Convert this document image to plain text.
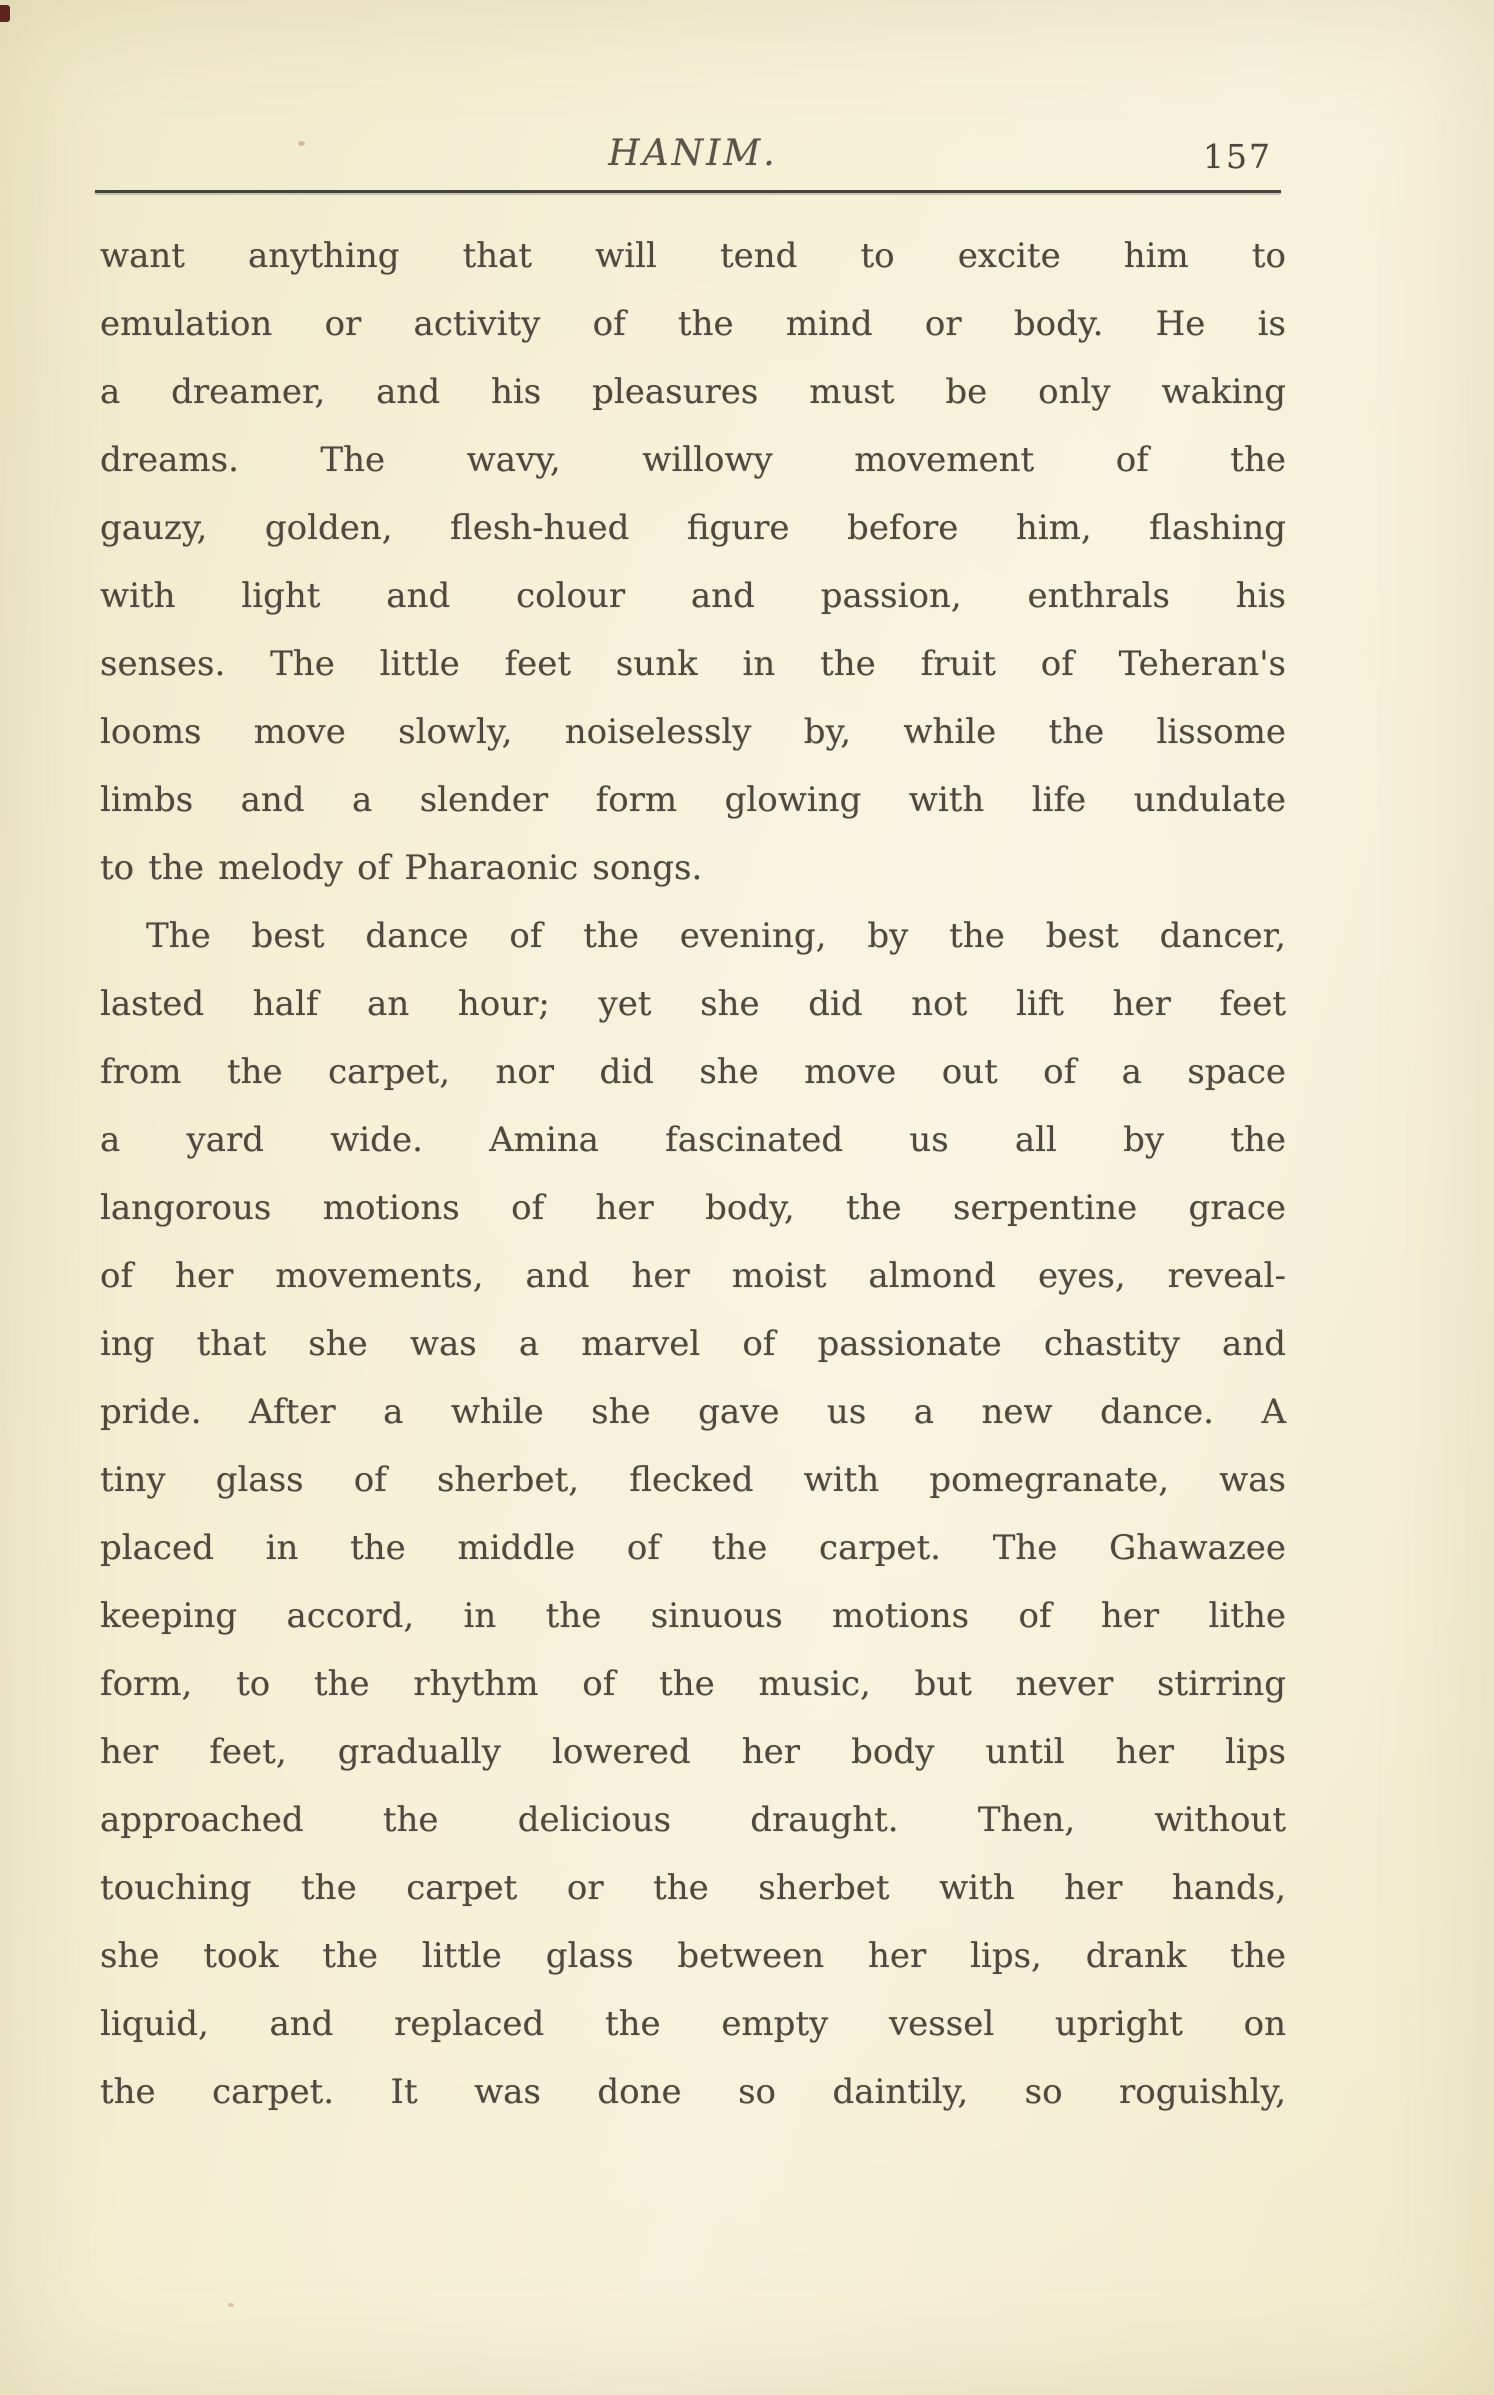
HANIM.	157
want anything that will tend to excite him to
emulation or activity of the mind or body. He is
a dreamer, and his pleasures must be only waking
dreams. The wavy, willowy movement of the
gauzy, golden, flesh-hued figure before him, flashing
with light and colour and passion, enthrals his
senses. The little feet sunk in the fruit of Teheran's
looms move slowly, noiselessly by, while the lissome
limbs and a slender form glowing with life undulate
to the melody of Pharaonic songs.
The best dance of the evening, by the best dancer,
lasted half an hour; yet she did not lift her feet
from the carpet, nor did she move out of a space
a yard wide. Amina fascinated us all by the
langorous motions of her body, the serpentine grace
of her movements, and her moist almond eyes, reveal-
ing that she was a marvel of passionate chastity and
pride. After a while she gave us a new dance. A
tiny glass of sherbet, flecked with pomegranate, was
placed in the middle of the carpet. The Ghawazee
keeping accord, in the sinuous motions of her lithe
form, to the rhythm of the music, but never stirring
her feet, gradually lowered her body until her lips
approached the delicious draught. Then, without
touching the carpet or the sherbet with her hands,
she took the little glass between her lips, drank the
liquid, and replaced the empty vessel upright on
the carpet. It was done so daintily, so roguishly,
